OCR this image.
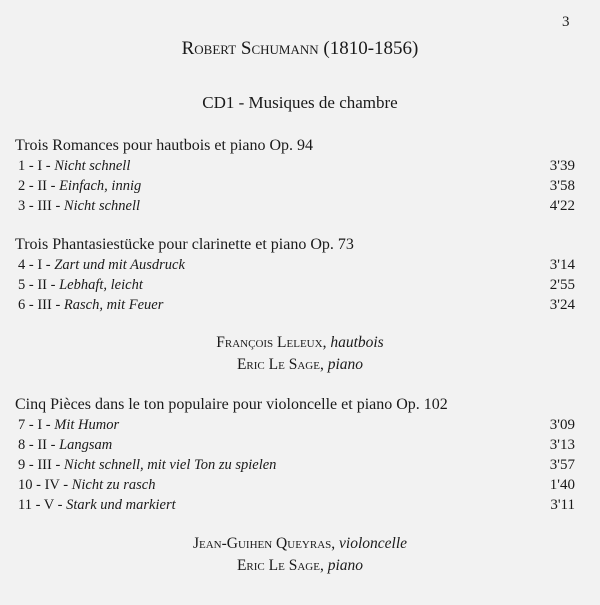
3
Robert Schumann (1810-1856)
CD1 - Musiques de chambre
Trois Romances pour hautbois et piano Op. 94
1 - I - Nicht schnell	3'39
2 - II - Einfach, innig	3'58
3 - III - Nicht schnell	4'22
Trois Phantasiestücke pour clarinette et piano Op. 73
4 - I - Zart und mit Ausdruck	3'14
5 - II - Lebhaft, leicht	2'55
6 - III - Rasch, mit Feuer	3'24
François Leleux, hautbois
Eric Le Sage, piano
Cinq Pièces dans le ton populaire pour violoncelle et piano Op. 102
7 - I - Mit Humor	3'09
8 - II - Langsam	3'13
9 - III - Nicht schnell, mit viel Ton zu spielen	3'57
10 - IV - Nicht zu rasch	1'40
11 - V - Stark und markiert	3'11
Jean-Guihen Queyras, violoncelle
Eric Le Sage, piano
